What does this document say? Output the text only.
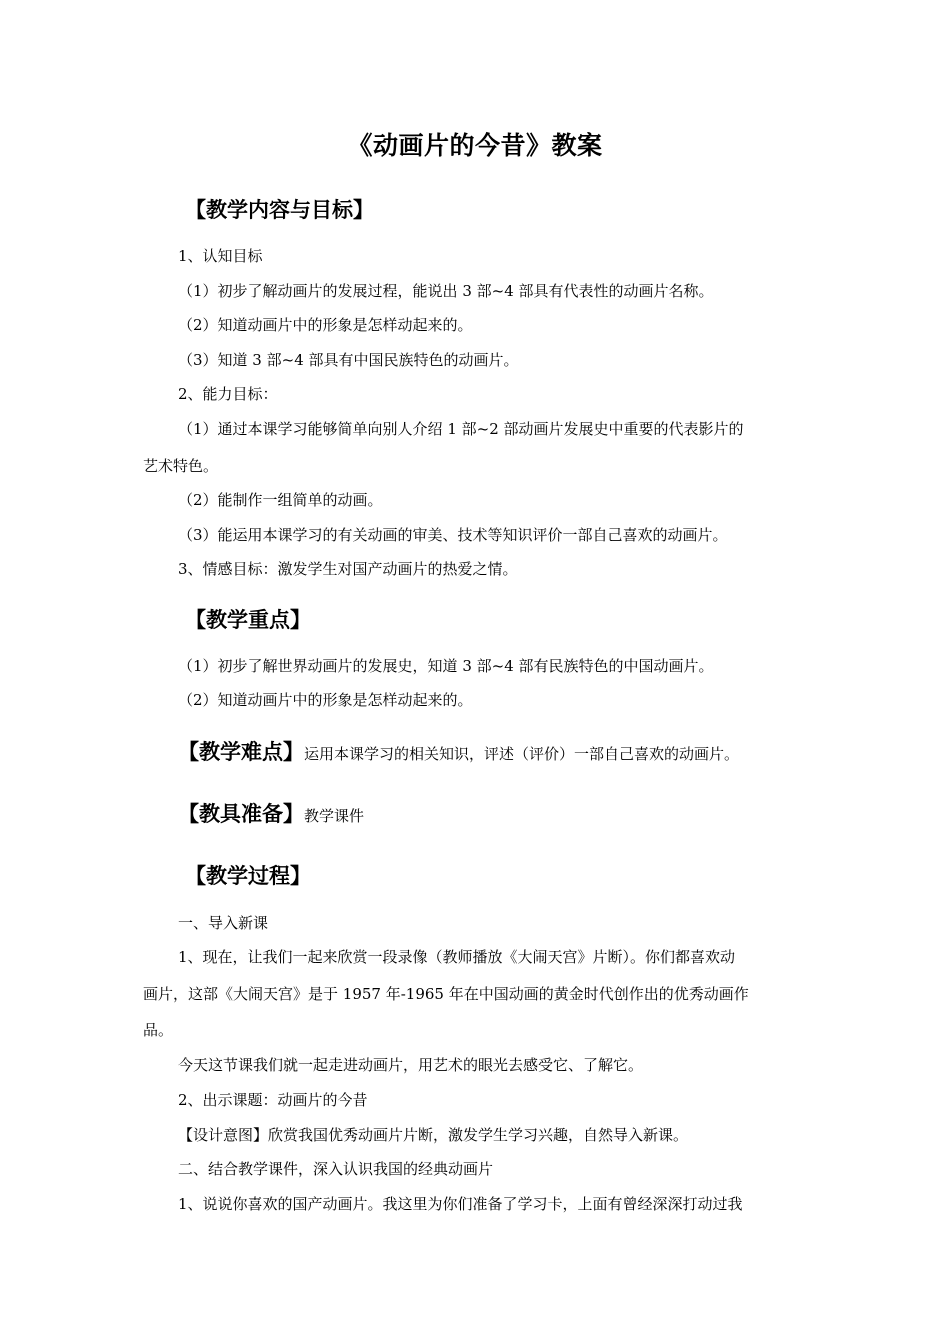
《动画片的今昔》教案
【教学内容与目标】
1、认知目标
（1）初步了解动画片的发展过程，能说出 3 部~4 部具有代表性的动画片名称。
（2）知道动画片中的形象是怎样动起来的。
（3）知道 3 部~4 部具有中国民族特色的动画片。
2、能力目标：
（1）通过本课学习能够简单向别人介绍 1 部~2 部动画片发展史中重要的代表影片的
艺术特色。
（2）能制作一组简单的动画。
（3）能运用本课学习的有关动画的审美、技术等知识评价一部自己喜欢的动画片。
3、情感目标：激发学生对国产动画片的热爱之情。
【教学重点】
（1）初步了解世界动画片的发展史，知道 3 部~4 部有民族特色的中国动画片。
（2）知道动画片中的形象是怎样动起来的。
【教学难点】运用本课学习的相关知识，评述（评价）一部自己喜欢的动画片。
【教具准备】教学课件
【教学过程】
一、导入新课
1、现在，让我们一起来欣赏一段录像（教师播放《大闹天宫》片断）。你们都喜欢动
画片，这部《大闹天宫》是于 1957 年-1965 年在中国动画的黄金时代创作出的优秀动画作
品。
今天这节课我们就一起走进动画片，用艺术的眼光去感受它、了解它。
2、出示课题：动画片的今昔
【设计意图】欣赏我国优秀动画片片断，激发学生学习兴趣，自然导入新课。
二、结合教学课件，深入认识我国的经典动画片
1、说说你喜欢的国产动画片。我这里为你们准备了学习卡，上面有曾经深深打动过我
